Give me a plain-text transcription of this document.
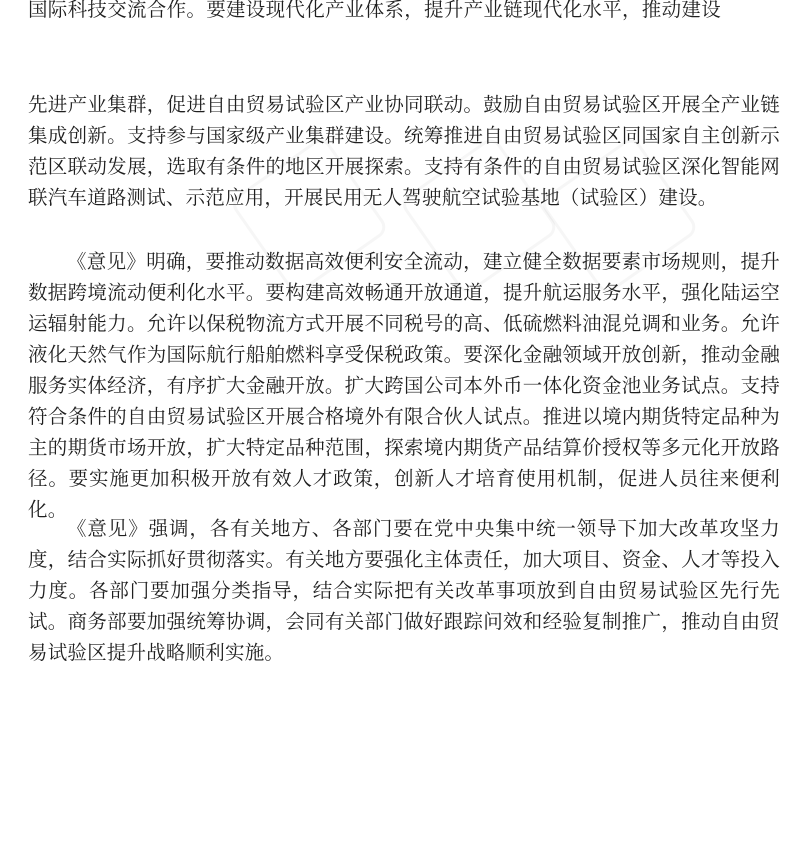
国际科技交流合作。要建设现代化产业体系，提升产业链现代化水平，推动建设

先进产业集群，促进自由贸易试验区产业协同联动。鼓励自由贸易试验区开展全产业链集成创新。支持参与国家级产业集群建设。统筹推进自由贸易试验区同国家自主创新示范区联动发展，选取有条件的地区开展探索。支持有条件的自由贸易试验区深化智能网联汽车道路测试、示范应用，开展民用无人驾驶航空试验基地（试验区）建设。

《意见》明确，要推动数据高效便利安全流动，建立健全数据要素市场规则，提升数据跨境流动便利化水平。要构建高效畅通开放通道，提升航运服务水平，强化陆运空运辐射能力。允许以保税物流方式开展不同税号的高、低硫燃料油混兑调和业务。允许液化天然气作为国际航行船舶燃料享受保税政策。要深化金融领域开放创新，推动金融服务实体经济，有序扩大金融开放。扩大跨国公司本外币一体化资金池业务试点。支持符合条件的自由贸易试验区开展合格境外有限合伙人试点。推进以境内期货特定品种为主的期货市场开放，扩大特定品种范围，探索境内期货产品结算价授权等多元化开放路径。要实施更加积极开放有效人才政策，创新人才培育使用机制，促进人员往来便利化。

《意见》强调，各有关地方、各部门要在党中央集中统一领导下加大改革攻坚力度，结合实际抓好贯彻落实。有关地方要强化主体责任，加大项目、资金、人才等投入力度。各部门要加强分类指导，结合实际把有关改革事项放到自由贸易试验区先行先试。商务部要加强统筹协调，会同有关部门做好跟踪问效和经验复制推广，推动自由贸易试验区提升战略顺利实施。
